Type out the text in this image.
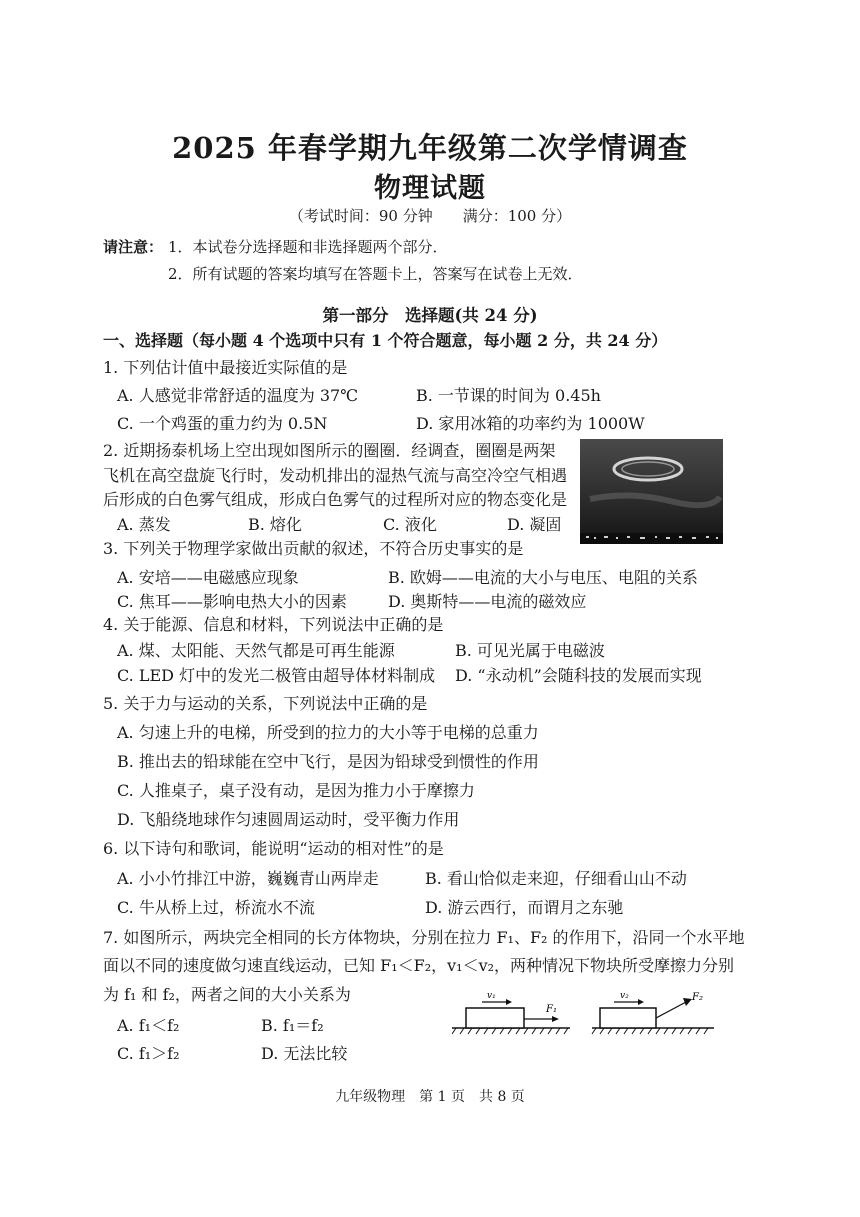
2025 年春学期九年级第二次学情调查
物理试题
（考试时间：90 分钟　　满分：100 分）
请注意： 1．本试卷分选择题和非选择题两个部分．
2．所有试题的答案均填写在答题卡上，答案写在试卷上无效．
第一部分　选择题(共 24 分)
一、选择题（每小题 4 个选项中只有 1 个符合题意，每小题 2 分，共 24 分）
1. 下列估计值中最接近实际值的是
A. 人感觉非常舒适的温度为 37℃	B. 一节课的时间为 0.45h
C. 一个鸡蛋的重力约为 0.5N	D. 家用冰箱的功率约为 1000W
2. 近期扬泰机场上空出现如图所示的圈圈．经调查，圈圈是两架
飞机在高空盘旋飞行时，发动机排出的湿热气流与高空冷空气相遇
后形成的白色雾气组成，形成白色雾气的过程所对应的物态变化是
A. 蒸发	B. 熔化	C. 液化	D. 凝固
3. 下列关于物理学家做出贡献的叙述，不符合历史事实的是
A. 安培——电磁感应现象	B. 欧姆——电流的大小与电压、电阻的关系
C. 焦耳——影响电热大小的因素	D. 奥斯特——电流的磁效应
4. 关于能源、信息和材料，下列说法中正确的是
A. 煤、太阳能、天然气都是可再生能源	B. 可见光属于电磁波
C. LED 灯中的发光二极管由超导体材料制成 D. “永动机”会随科技的发展而实现
5. 关于力与运动的关系，下列说法中正确的是
A. 匀速上升的电梯，所受到的拉力的大小等于电梯的总重力
B. 推出去的铅球能在空中飞行，是因为铅球受到惯性的作用
C. 人推桌子，桌子没有动，是因为推力小于摩擦力
D. 飞船绕地球作匀速圆周运动时，受平衡力作用
6. 以下诗句和歌词，能说明“运动的相对性”的是
A. 小小竹排江中游，巍巍青山两岸走	B. 看山恰似走来迎，仔细看山山不动
C. 牛从桥上过，桥流水不流	D. 游云西行，而谓月之东驰
7. 如图所示，两块完全相同的长方体物块，分别在拉力 F₁、F₂ 的作用下，沿同一个水平地
面以不同的速度做匀速直线运动，已知 F₁＜F₂，v₁＜v₂，两种情况下物块所受摩擦力分别
为 f₁ 和 f₂，两者之间的大小关系为
A. f₁＜f₂	B. f₁＝f₂
C. f₁＞f₂	D. 无法比较
v₁
F₁
v₂	F₂
九年级物理　第 1 页　共 8 页
